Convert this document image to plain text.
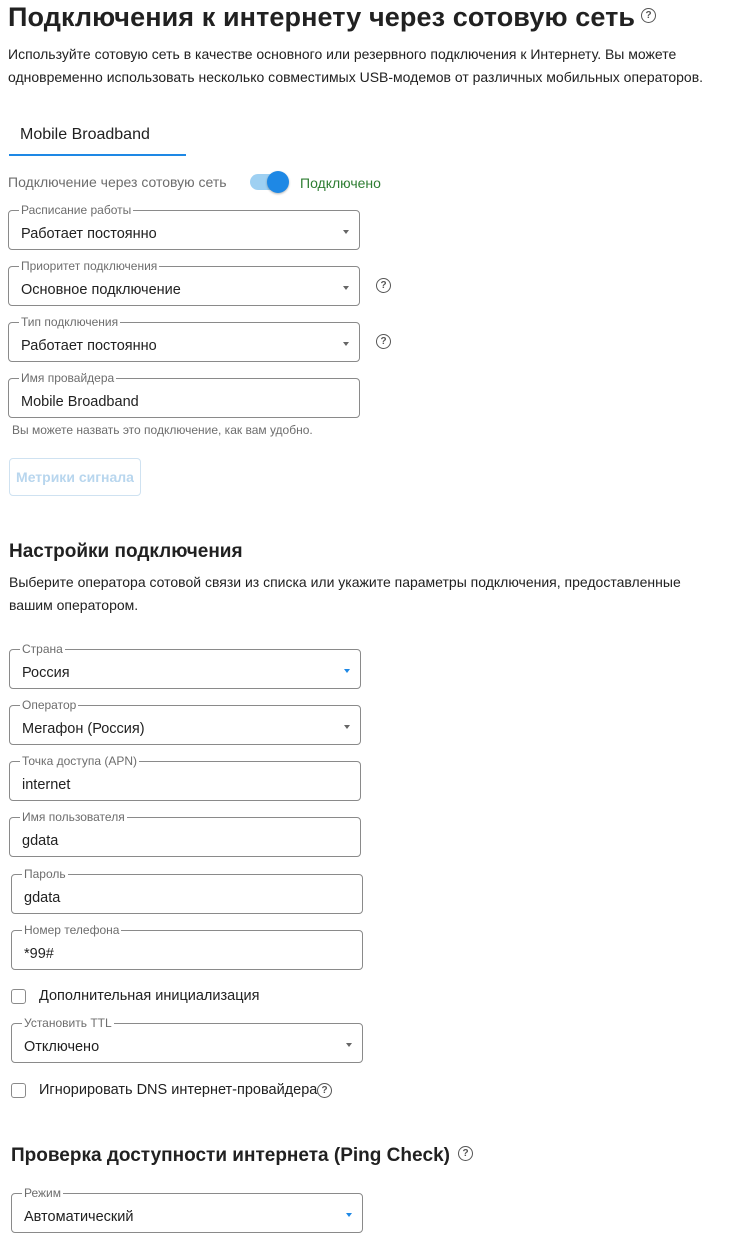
Подключения к интернету через сотовую сеть ?
Используйте сотовую сеть в качестве основного или резервного подключения к Интернету. Вы можете
одновременно использовать несколько совместимых USB-модемов от различных мобильных операторов.
Mobile Broadband
Подключение через сотовую сеть	Подключено
Расписание работы
Работает постоянно
Приоритет подключения
Основное подключение	?
Тип подключения
Работает постоянно	?
Имя провайдера
Mobile Broadband
Вы можете назвать это подключение, как вам удобно.
Метрики сигнала
Настройки подключения
Выберите оператора сотовой связи из списка или укажите параметры подключения, предоставленные
вашим оператором.
Страна
Россия
Оператор
Мегафон (Россия)
Точка доступа (APN)
internet
Имя пользователя
gdata
Пароль
gdata
Номер телефона
*99#
Дополнительная инициализация
Установить TTL
Отключено
Игнорировать DNS интернет-провайдера ?
Проверка доступности интернета (Ping Check) ?
Режим
Автоматический
